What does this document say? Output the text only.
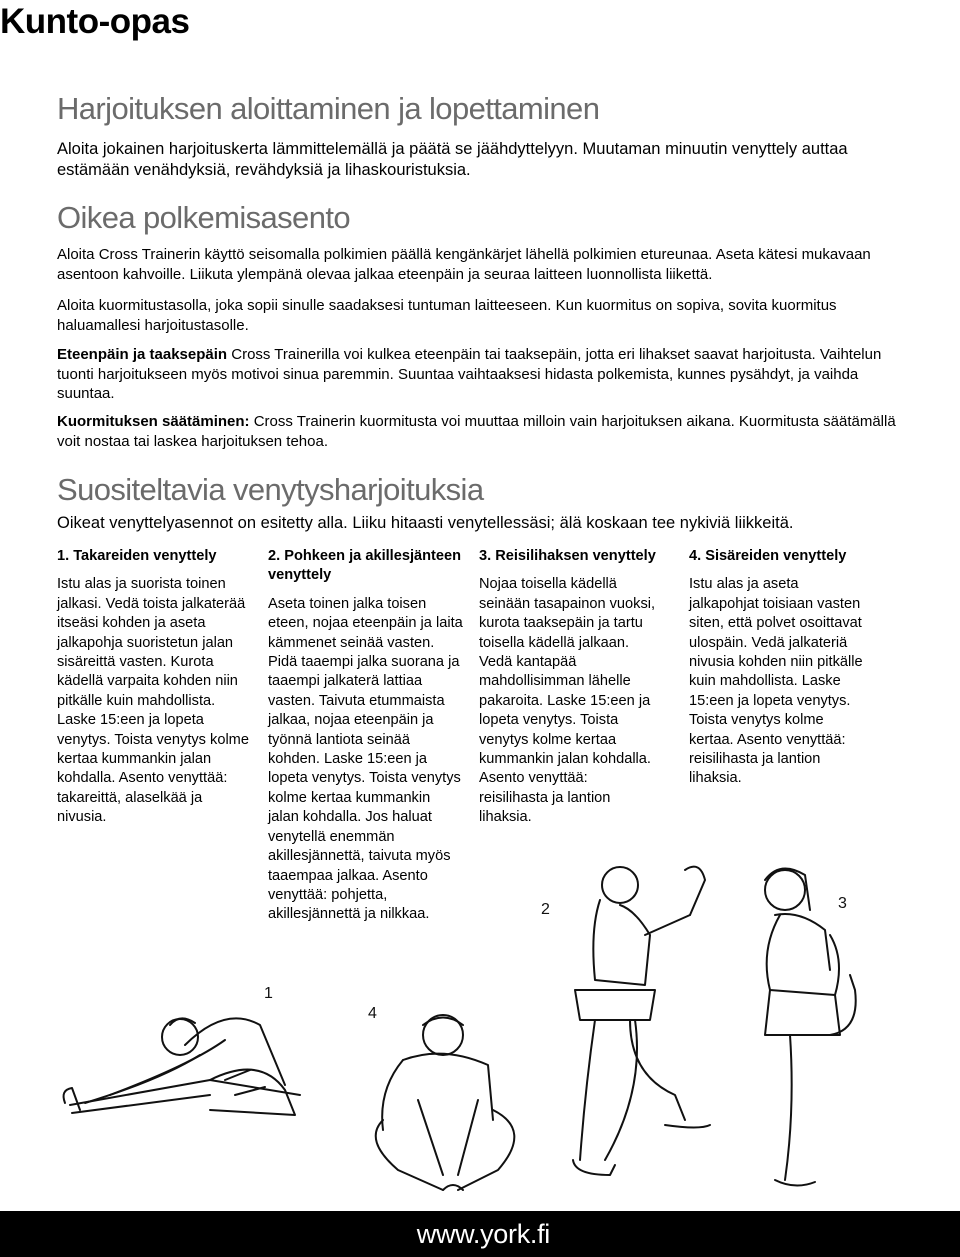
Kunto-opas
Harjoituksen aloittaminen ja lopettaminen

Aloita jokainen harjoituskerta lämmittelemällä ja päätä se jäähdyttelyyn. Muutaman minuutin venyttely auttaa estämään venähdyksiä, revähdyksiä ja lihaskouristuksia.

Oikea polkemisasento

Aloita Cross Trainerin käyttö seisomalla polkimien päällä kengänkärjet lähellä polkimien etureunaa. Aseta kätesi mukavaan asentoon kahvoille. Liikuta ylempänä olevaa jalkaa eteenpäin ja seuraa laitteen luonnollista liikettä.

Aloita kuormitustasolla, joka sopii sinulle saadaksesi tuntuman laitteeseen. Kun kuormitus on sopiva, sovita kuormitus haluamallesi harjoitustasolle.

Eteenpäin ja taaksepäin Cross Trainerilla voi kulkea eteenpäin tai taaksepäin, jotta eri lihakset saavat harjoitusta. Vaihtelun tuonti harjoitukseen myös motivoi sinua paremmin. Suuntaa vaihtaaksesi hidasta polkemista, kunnes pysähdyt, ja vaihda suuntaa.

Kuormituksen säätäminen: Cross Trainerin kuormitusta voi muuttaa milloin vain harjoituksen aikana. Kuormitusta säätämällä voit nostaa tai laskea harjoituksen tehoa.

Suositeltavia venytysharjoituksia

Oikeat venyttelyasennot on esitetty alla. Liiku hitaasti venytellessäsi; älä koskaan tee nykiviä liikkeitä.

1. Takareiden venyttely

Istu alas ja suorista toinen jalkasi. Vedä toista jalkaterää itseäsi kohden ja aseta jalkapohja suoristetun jalan sisäreittä vasten. Kurota kädellä varpaita kohden niin pitkälle kuin mahdollista. Laske 15:een ja lopeta venytys. Toista venytys kolme kertaa kummankin jalan kohdalla. Asento venyttää: takareittä, alaselkää ja nivusia.

2. Pohkeen ja akillesjänteen venyttely

Aseta toinen jalka toisen eteen, nojaa eteenpäin ja laita kämmenet seinää vasten. Pidä taaempi jalka suorana ja taaempi jalkaterä lattiaa vasten. Taivuta etummaista jalkaa, nojaa eteenpäin ja työnnä lantiota seinää kohden. Laske 15:een ja lopeta venytys. Toista venytys kolme kertaa kummankin jalan kohdalla. Jos haluat venytellä enemmän akillesjännettä, taivuta myös taaempaa jalkaa. Asento venyttää: pohjetta, akillesjännettä ja nilkkaa.

3. Reisilihaksen venyttely

Nojaa toisella kädellä seinään tasapainon vuoksi, kurota taaksepäin ja tartu toisella kädellä jalkaan. Vedä kantapää mahdollisimman lähelle pakaroita. Laske 15:een ja lopeta venytys. Toista venytys kolme kertaa kummankin jalan kohdalla. Asento venyttää: reisilihasta ja lantion lihaksia.

4. Sisäreiden venyttely

Istu alas ja aseta jalkapohjat toisiaan vasten siten, että polvet osoittavat ulospäin. Vedä jalkateriä nivusia kohden niin pitkälle kuin mahdollista. Laske 15:een ja lopeta venytys. Toista venytys kolme kertaa. Asento venyttää: reisilihasta ja lantion lihaksia.

1
2	3
4
www.york.fi
